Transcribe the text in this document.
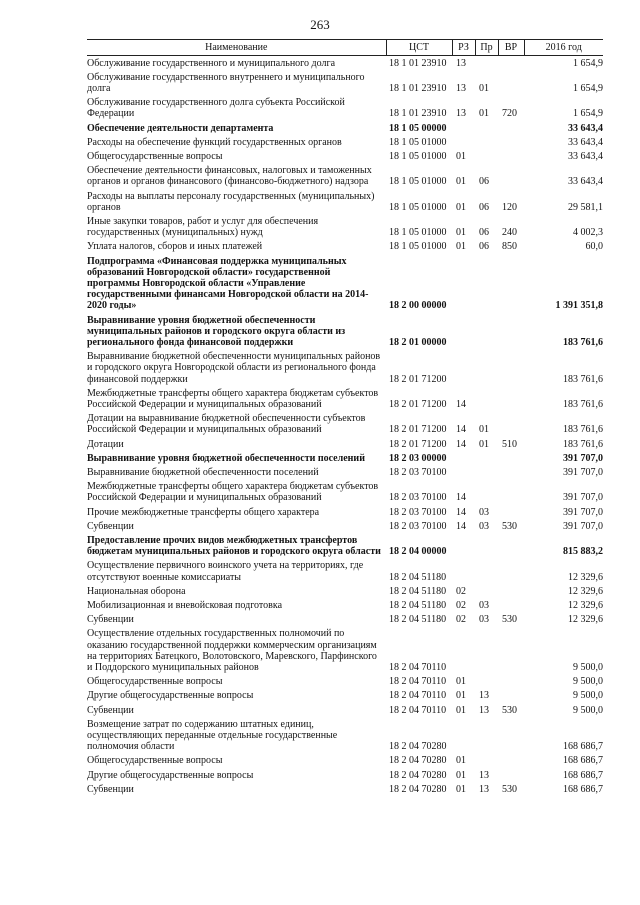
263
Наименование	ЦСТ	РЗ	Пр	ВР	2016 год
Обслуживание государственного и муниципального долга	18 1 01 23910	13			1 654,9
Обслуживание государственного внутреннего и муниципального долга	18 1 01 23910	13	01		1 654,9
Обслуживание государственного долга субъекта Российской Федерации	18 1 01 23910	13	01	720	1 654,9
Обеспечение деятельности департамента	18 1 05 00000				33 643,4
Расходы на обеспечение функций государственных органов	18 1 05 01000				33 643,4
Общегосударственные вопросы	18 1 05 01000	01			33 643,4
Обеспечение деятельности финансовых, налоговых и таможенных органов и органов финансового (финансово-бюджетного) надзора	18 1 05 01000	01	06		33 643,4
Расходы на выплаты персоналу государственных (муниципальных) органов	18 1 05 01000	01	06	120	29 581,1
Иные закупки товаров, работ и услуг для обеспечения государственных (муниципальных) нужд	18 1 05 01000	01	06	240	4 002,3
Уплата налогов, сборов и иных платежей	18 1 05 01000	01	06	850	60,0
Подпрограмма «Финансовая поддержка муниципальных образований Новгородской области» государственной программы Новгородской области «Управление государственными финансами Новгородской области на 2014-2020 годы»	18 2 00 00000				1 391 351,8
Выравнивание уровня бюджетной обеспеченности муниципальных районов и городского округа области из регионального фонда финансовой поддержки	18 2 01 00000				183 761,6
Выравнивание бюджетной обеспеченности муниципальных районов и городского округа Новгородской области из регионального фонда финансовой поддержки	18 2 01 71200				183 761,6
Межбюджетные трансферты общего характера бюджетам субъектов Российской Федерации и муниципальных образований	18 2 01 71200	14			183 761,6
Дотации на выравнивание бюджетной обеспеченности субъектов Российской Федерации и муниципальных образований	18 2 01 71200	14	01		183 761,6
Дотации	18 2 01 71200	14	01	510	183 761,6
Выравнивание уровня бюджетной обеспеченности поселений	18 2 03 00000				391 707,0
Выравнивание бюджетной обеспеченности поселений	18 2 03 70100				391 707,0
Межбюджетные трансферты общего характера бюджетам субъектов Российской Федерации и муниципальных образований	18 2 03 70100	14			391 707,0
Прочие межбюджетные трансферты общего характера	18 2 03 70100	14	03		391 707,0
Субвенции	18 2 03 70100	14	03	530	391 707,0
Предоставление прочих видов межбюджетных трансфертов бюджетам муниципальных районов и городского округа области	18 2 04 00000				815 883,2
Осуществление первичного воинского учета на территориях, где отсутствуют военные комиссариаты	18 2 04 51180				12 329,6
Национальная оборона	18 2 04 51180	02			12 329,6
Мобилизационная и вневойсковая подготовка	18 2 04 51180	02	03		12 329,6
Субвенции	18 2 04 51180	02	03	530	12 329,6
Осуществление отдельных государственных полномочий по оказанию государственной поддержки коммерческим организациям на территориях Батецкого, Волотовского, Маревского, Парфинского и Поддорского муниципальных районов	18 2 04 70110				9 500,0
Общегосударственные вопросы	18 2 04 70110	01			9 500,0
Другие общегосударственные вопросы	18 2 04 70110	01	13		9 500,0
Субвенции	18 2 04 70110	01	13	530	9 500,0
Возмещение затрат по содержанию штатных единиц, осуществляющих переданные отдельные государственные полномочия области	18 2 04 70280				168 686,7
Общегосударственные вопросы	18 2 04 70280	01			168 686,7
Другие общегосударственные вопросы	18 2 04 70280	01	13		168 686,7
Субвенции	18 2 04 70280	01	13	530	168 686,7
